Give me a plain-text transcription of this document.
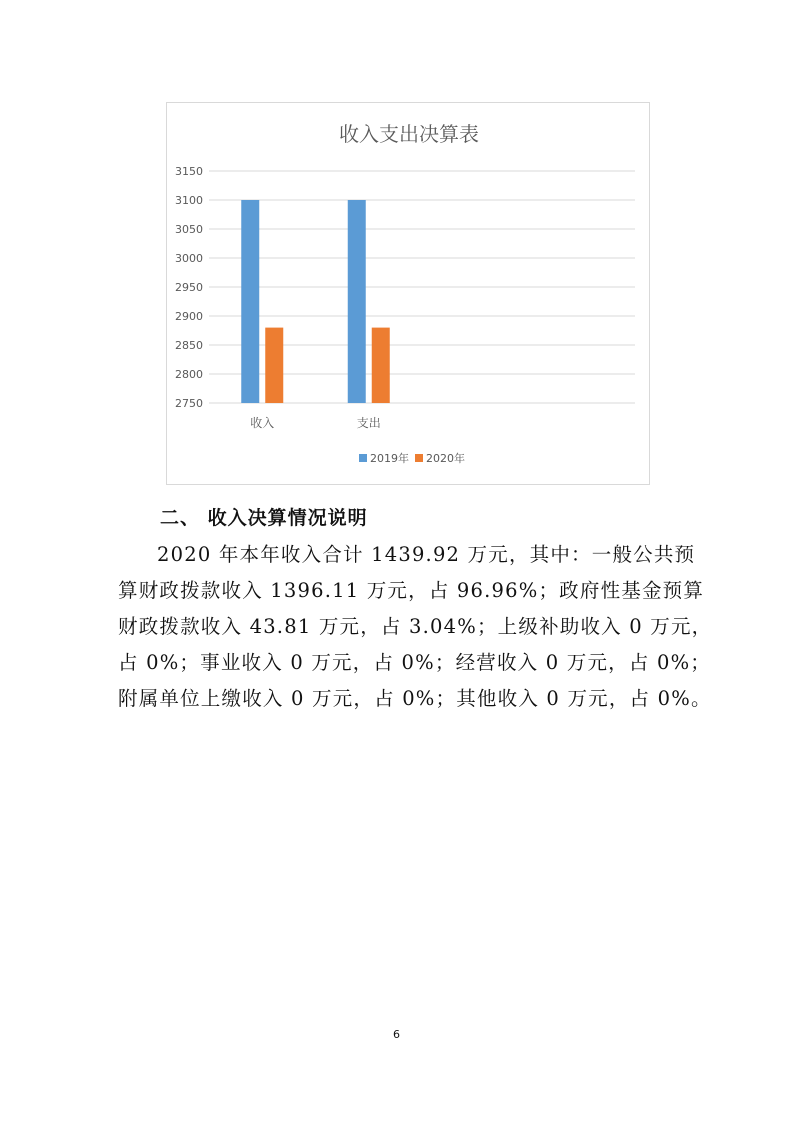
收入支出决算表
3150
3100
3050
3000
2950
2900
2850
2800
2750
收入	支出
2019年 2020年
二、 收入决算情况说明

2020 年本年收入合计 1439.92 万元，其中：一般公共预
算财政拨款收入 1396.11 万元，占 96.96%；政府性基金预算
财政拨款收入 43.81 万元，占 3.04%；上级补助收入 0 万元，
占 0%；事业收入 0 万元，占 0%；经营收入 0 万元，占 0%；
附属单位上缴收入 0 万元，占 0%；其他收入 0 万元，占 0%。

6
